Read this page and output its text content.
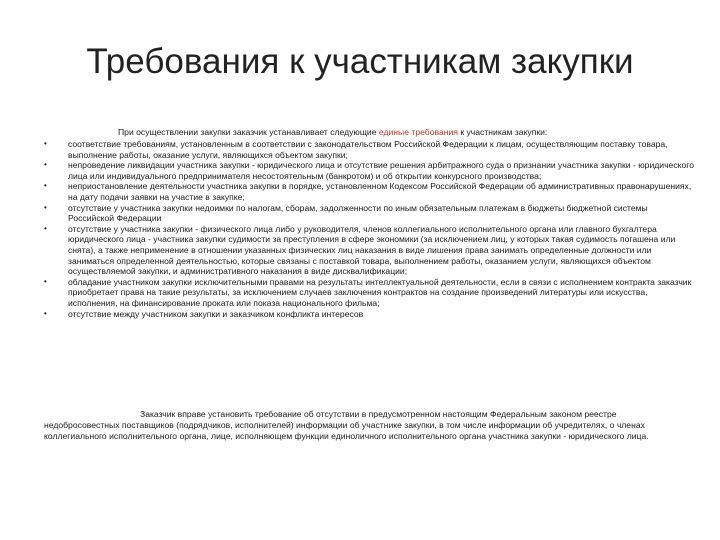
Требования к участникам закупки
При осуществлении закупки заказчик устанавливает следующие единые требования к участникам закупки:
• соответствие требованиям, установленным в соответствии с законодательством Российской Федерации к лицам, осуществляющим поставку товара, выполнение работы, оказание услуги, являющихся объектом закупки;
• непроведение ликвидации участника закупки - юридического лица и отсутствие решения арбитражного суда о признании участника закупки - юридического лица или индивидуального предпринимателя несостоятельным (банкротом) и об открытии конкурсного производства;
• неприостановление деятельности участника закупки в порядке, установленном Кодексом Российской Федерации об административных правонарушениях, на дату подачи заявки на участие в закупке;
• отсутствие у участника закупки недоимки по налогам, сборам, задолженности по иным обязательным платежам в бюджеты бюджетной системы Российской Федерации
• отсутствие у участника закупки - физического лица либо у руководителя, членов коллегиального исполнительного органа или главного бухгалтера юридического лица - участника закупки судимости за преступления в сфере экономики (за исключением лиц, у которых такая судимость погашена или снята), а также неприменение в отношении указанных физических лиц наказания в виде лишения права занимать определенные должности или заниматься определенной деятельностью, которые связаны с поставкой товара, выполнением работы, оказанием услуги, являющихся объектом осуществляемой закупки, и административного наказания в виде дисквалификации;
• обладание участником закупки исключительными правами на результаты интеллектуальной деятельности, если в связи с исполнением контракта заказчик приобретает права на такие результаты, за исключением случаев заключения контрактов на создание произведений литературы или искусства, исполнения, на финансирование проката или показа национального фильма;
• отсутствие между участником закупки и заказчиком конфликта интересов
Заказчик вправе установить требование об отсутствии в предусмотренном настоящим Федеральным законом реестре недобросовестных поставщиков (подрядчиков, исполнителей) информации об участнике закупки, в том числе информации об учредителях, о членах коллегиального исполнительного органа, лице, исполняющем функции единоличного исполнительного органа участника закупки - юридического лица.
